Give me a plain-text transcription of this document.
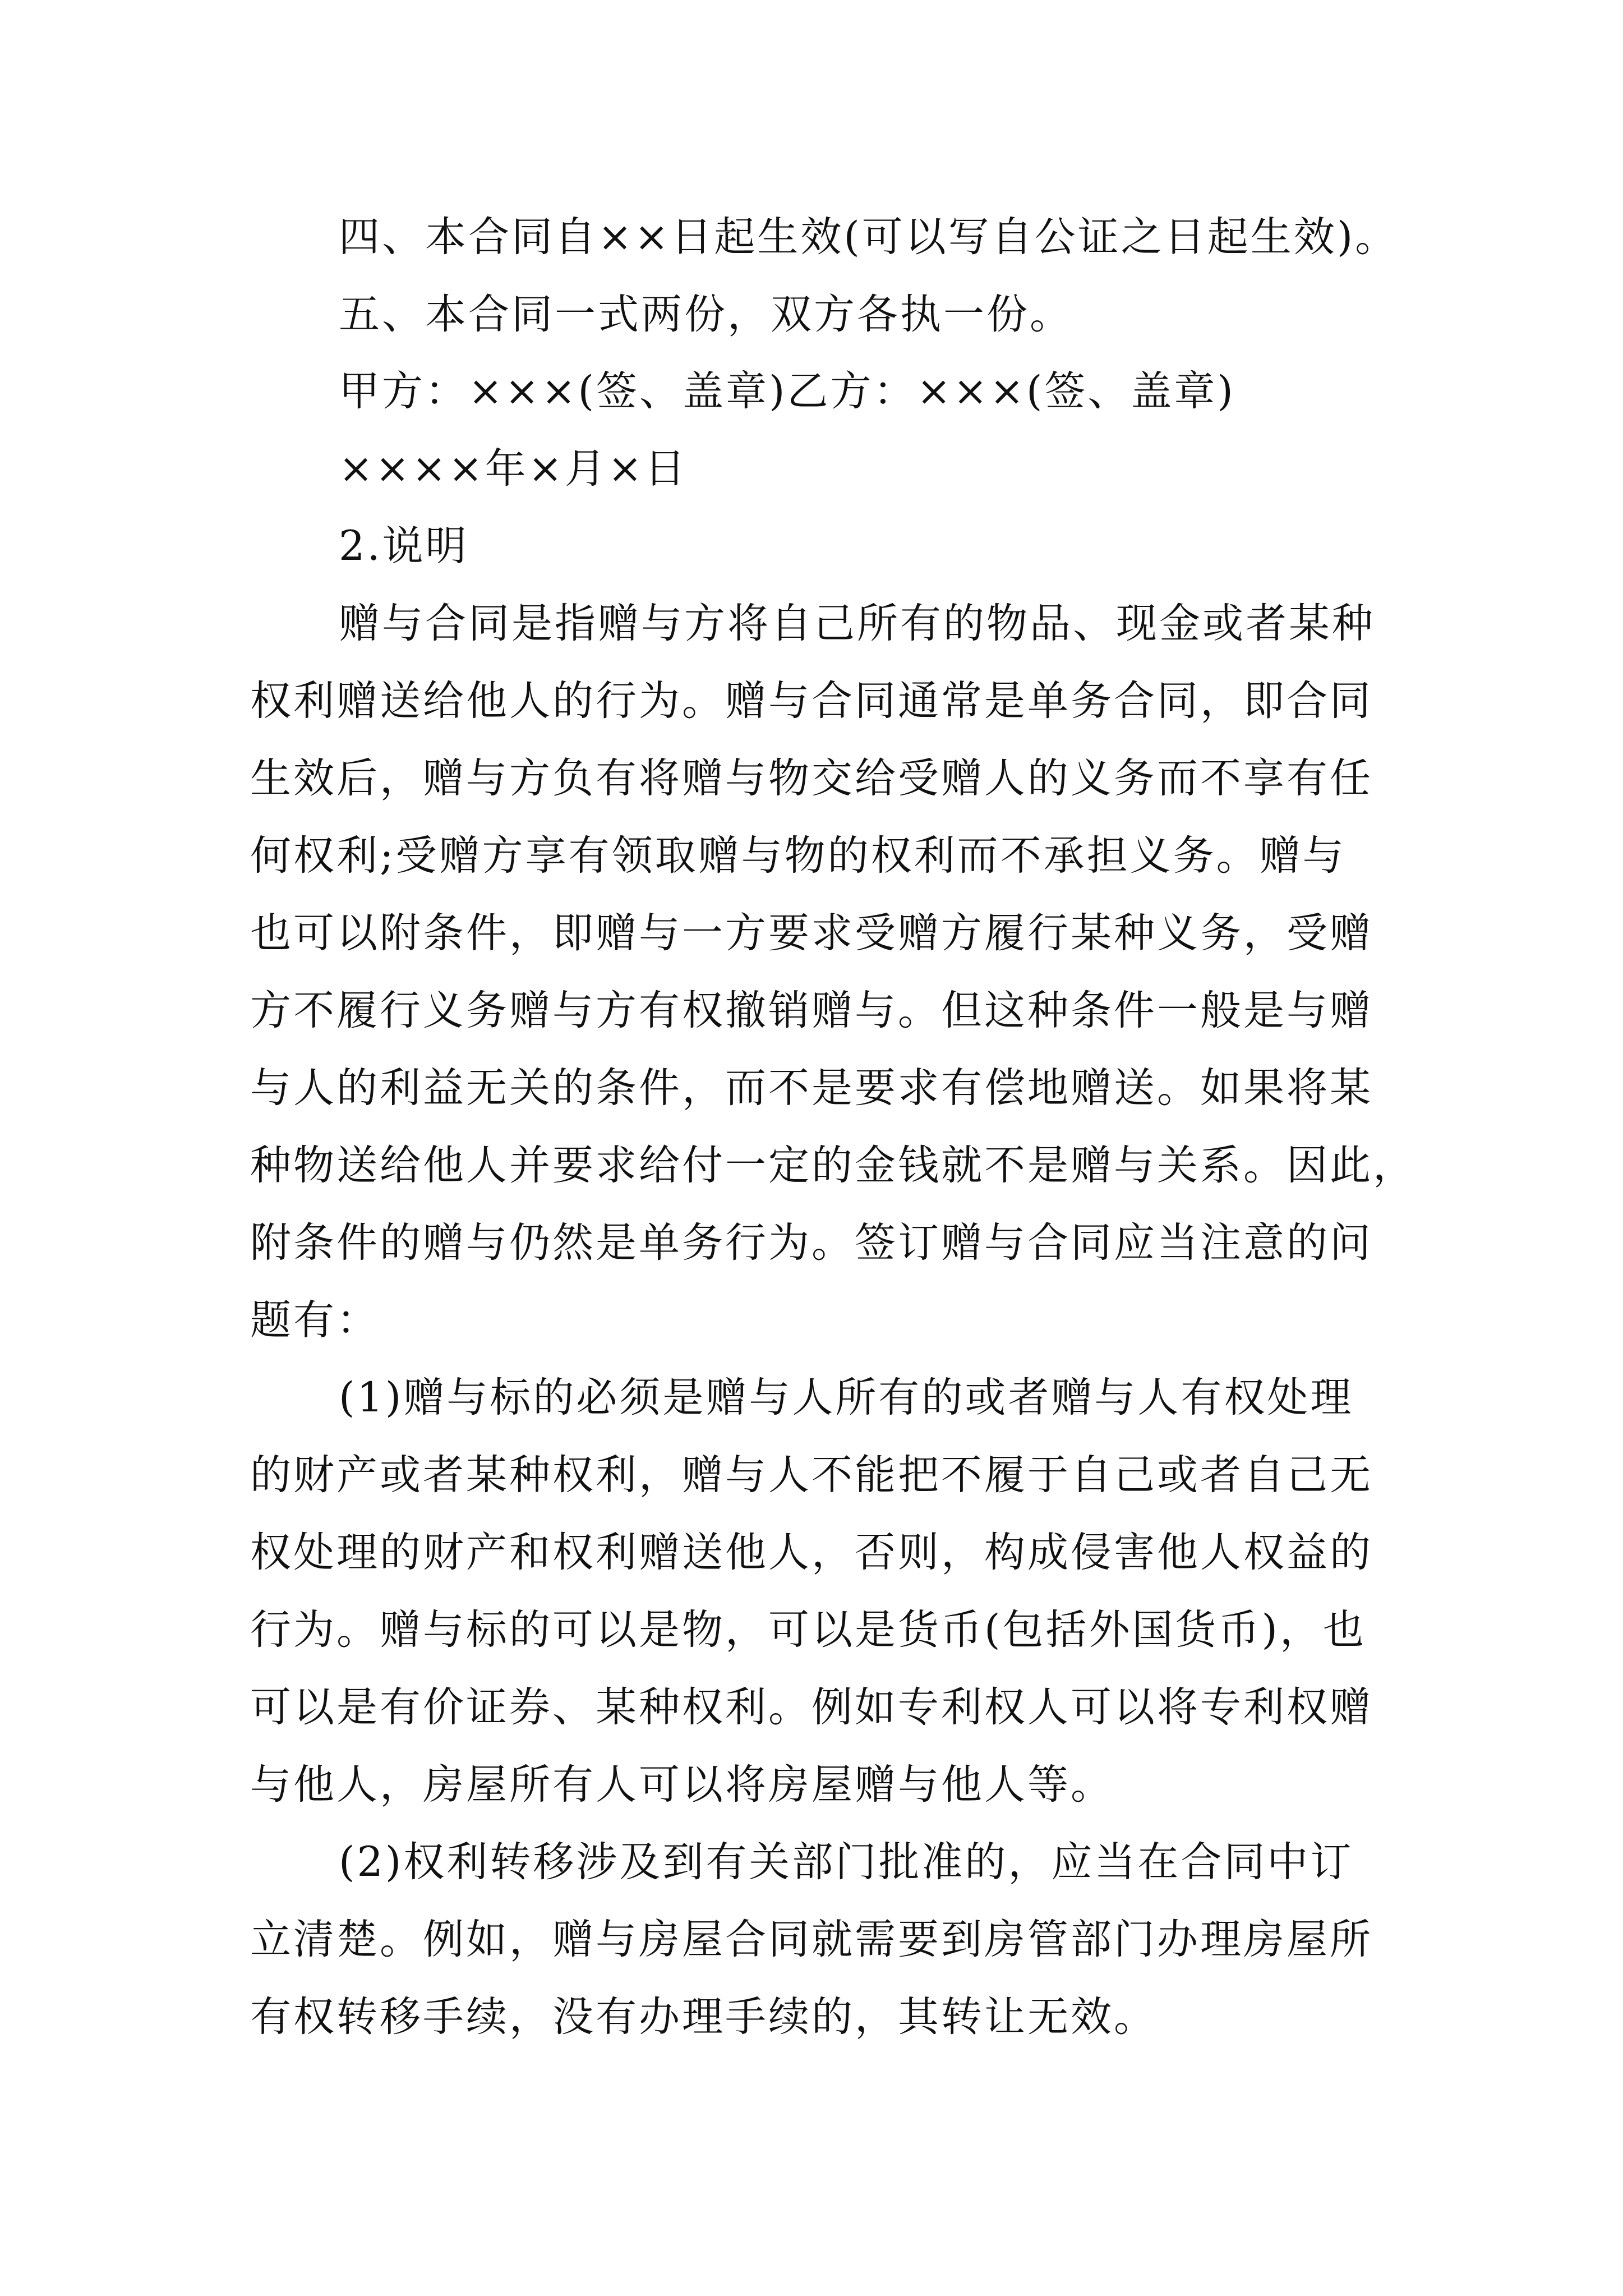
四、本合同自××日起生效(可以写自公证之日起生效)。
五、本合同一式两份，双方各执一份。
甲方：×××(签、盖章)乙方：×××(签、盖章)
××××年×月×日
2.说明
赠与合同是指赠与方将自己所有的物品、现金或者某种
权利赠送给他人的行为。赠与合同通常是单务合同，即合同
生效后，赠与方负有将赠与物交给受赠人的义务而不享有任
何权利;受赠方享有领取赠与物的权利而不承担义务。赠与
也可以附条件，即赠与一方要求受赠方履行某种义务，受赠
方不履行义务赠与方有权撤销赠与。但这种条件一般是与赠
与人的利益无关的条件，而不是要求有偿地赠送。如果将某
种物送给他人并要求给付一定的金钱就不是赠与关系。因此，
附条件的赠与仍然是单务行为。签订赠与合同应当注意的问
题有：
(1)赠与标的必须是赠与人所有的或者赠与人有权处理
的财产或者某种权利，赠与人不能把不履于自己或者自己无
权处理的财产和权利赠送他人，否则，构成侵害他人权益的
行为。赠与标的可以是物，可以是货币(包括外国货币)，也
可以是有价证券、某种权利。例如专利权人可以将专利权赠
与他人，房屋所有人可以将房屋赠与他人等。
(2)权利转移涉及到有关部门批准的，应当在合同中订
立清楚。例如，赠与房屋合同就需要到房管部门办理房屋所
有权转移手续，没有办理手续的，其转让无效。
